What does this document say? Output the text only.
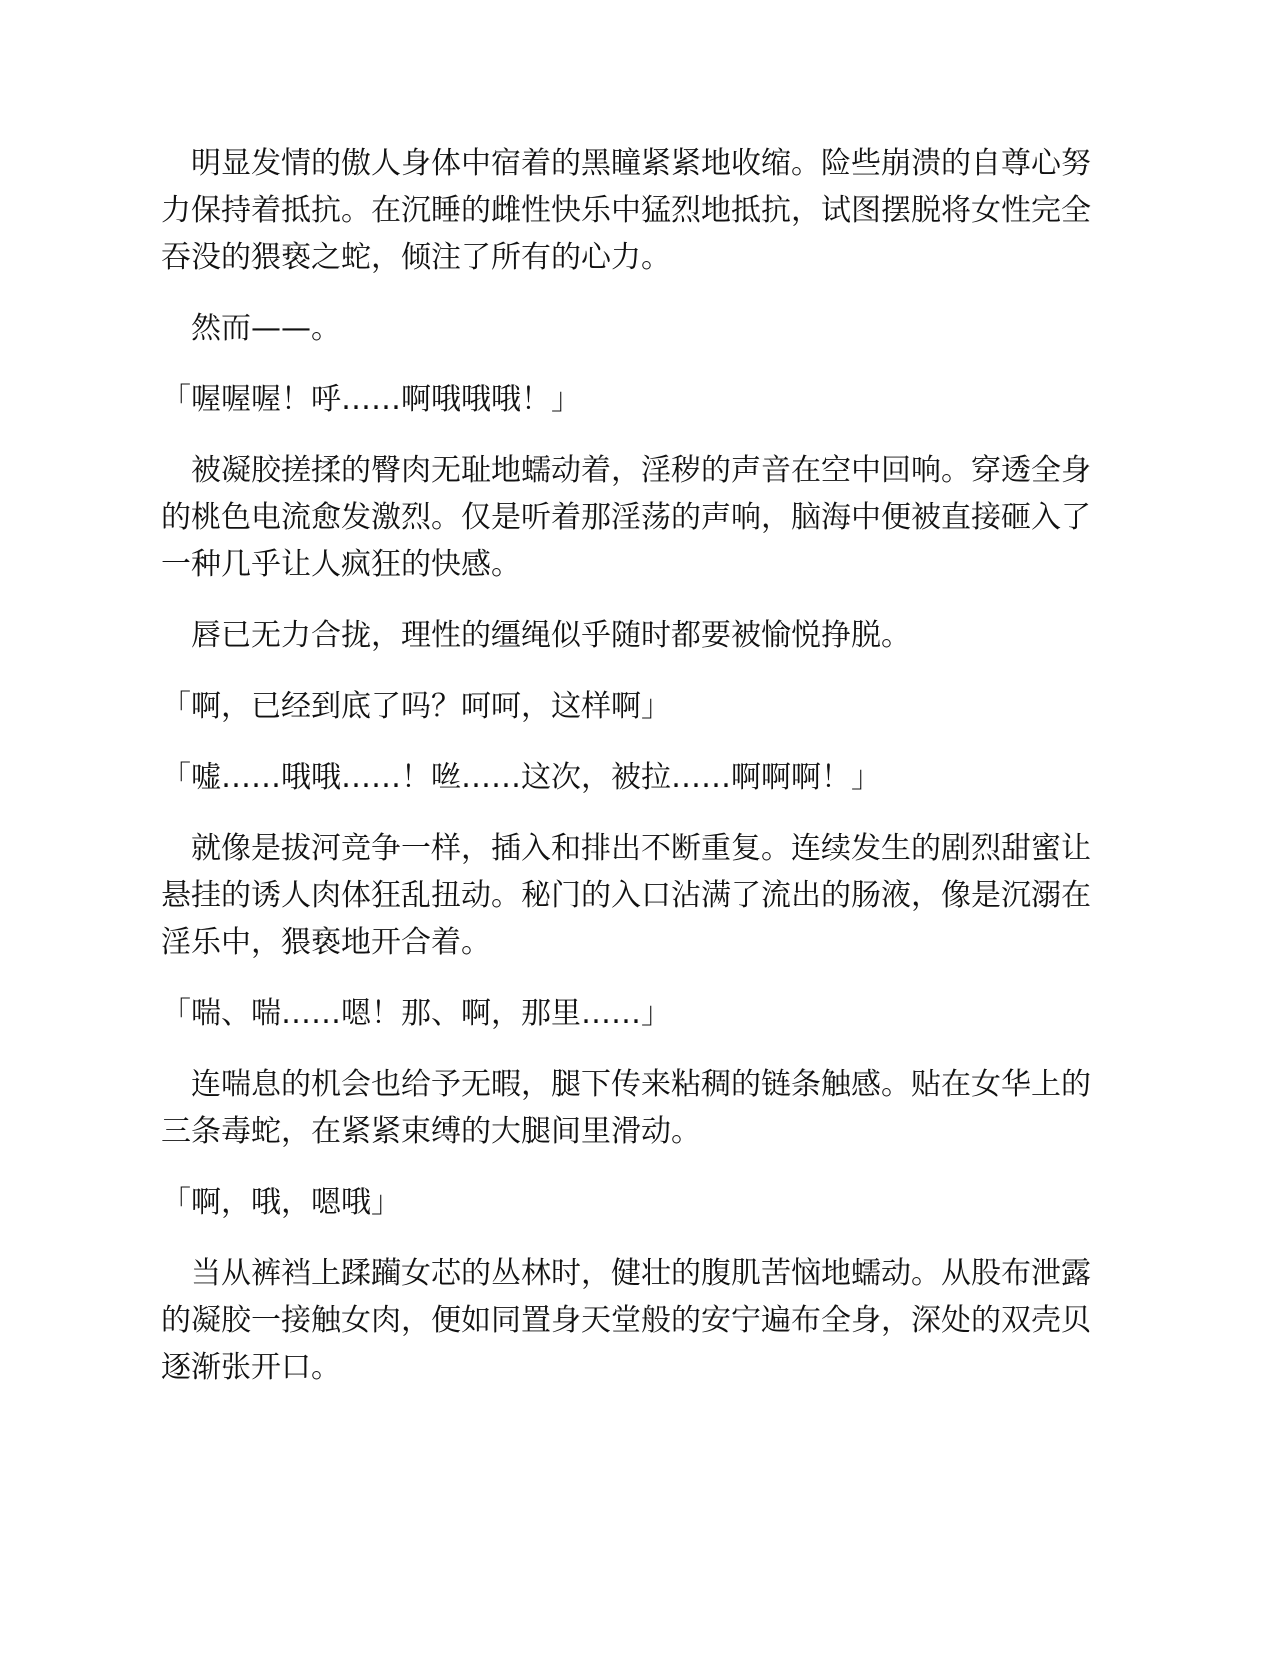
明显发情的傲人身体中宿着的黑瞳紧紧地收缩。险些崩溃的自尊心努力保持着抵抗。在沉睡的雌性快乐中猛烈地抵抗，试图摆脱将女性完全吞没的猥亵之蛇，倾注了所有的心力。

然而——。

「喔喔喔！呼……啊哦哦哦！」

被凝胶搓揉的臀肉无耻地蠕动着，淫秽的声音在空中回响。穿透全身的桃色电流愈发激烈。仅是听着那淫荡的声响，脑海中便被直接砸入了一种几乎让人疯狂的快感。

唇已无力合拢，理性的缰绳似乎随时都要被愉悦挣脱。

「啊，已经到底了吗？呵呵，这样啊」

「嘘……哦哦……！咝……这次，被拉……啊啊啊！」

就像是拔河竞争一样，插入和排出不断重复。连续发生的剧烈甜蜜让悬挂的诱人肉体狂乱扭动。秘门的入口沾满了流出的肠液，像是沉溺在淫乐中，猥亵地开合着。

「喘、喘……嗯！那、啊，那里……」

连喘息的机会也给予无暇，腿下传来粘稠的链条触感。贴在女华上的三条毒蛇，在紧紧束缚的大腿间里滑动。

「啊，哦，嗯哦」

当从裤裆上蹂躏女芯的丛林时，健壮的腹肌苦恼地蠕动。从股布泄露的凝胶一接触女肉，便如同置身天堂般的安宁遍布全身，深处的双壳贝逐渐张开口。
